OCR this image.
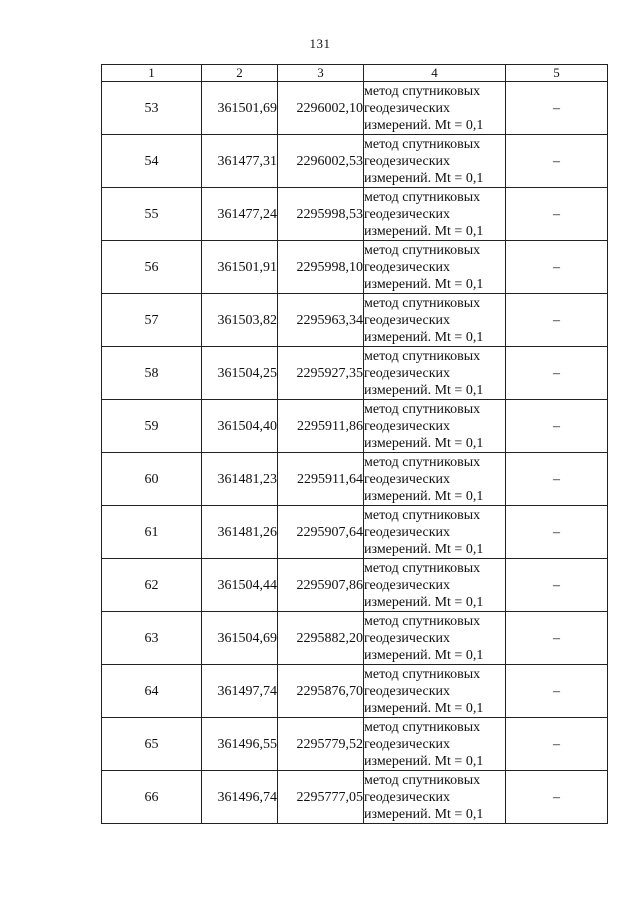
131
1	2	3	4	5
53	361501,69	2296002,10	метод спутниковых
геодезических
измерений. Mt = 0,1	–
54	361477,31	2296002,53	метод спутниковых
геодезических
измерений. Mt = 0,1	–
55	361477,24	2295998,53	метод спутниковых
геодезических
измерений. Mt = 0,1	–
56	361501,91	2295998,10	метод спутниковых
геодезических
измерений. Mt = 0,1	–
57	361503,82	2295963,34	метод спутниковых
геодезических
измерений. Mt = 0,1	–
58	361504,25	2295927,35	метод спутниковых
геодезических
измерений. Mt = 0,1	–
59	361504,40	2295911,86	метод спутниковых
геодезических
измерений. Mt = 0,1	–
60	361481,23	2295911,64	метод спутниковых
геодезических
измерений. Mt = 0,1	–
61	361481,26	2295907,64	метод спутниковых
геодезических
измерений. Mt = 0,1	–
62	361504,44	2295907,86	метод спутниковых
геодезических
измерений. Mt = 0,1	–
63	361504,69	2295882,20	метод спутниковых
геодезических
измерений. Mt = 0,1	–
64	361497,74	2295876,70	метод спутниковых
геодезических
измерений. Mt = 0,1	–
65	361496,55	2295779,52	метод спутниковых
геодезических
измерений. Mt = 0,1	–
66	361496,74	2295777,05	метод спутниковых
геодезических
измерений. Mt = 0,1	–
